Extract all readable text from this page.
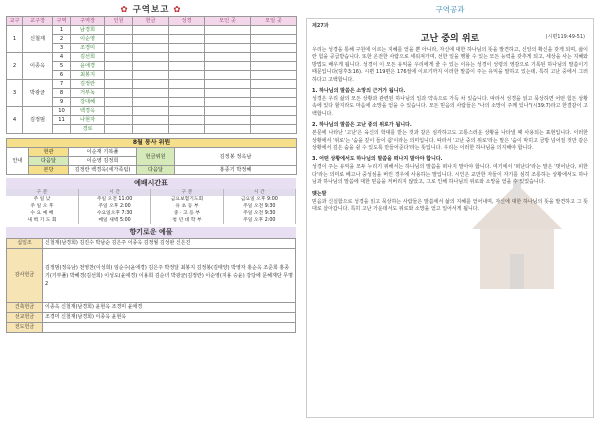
✿ 구역보고 ✿
교구	교구장	구역	구역장	인원	헌금	성경	모인 곳	모일 곳
1	신철재	1	남경희					
		2	이순영					
		3	조경미					
2	이종옥	4	김선희					
		5	윤애경					
		6	최봉지					
3	박광균	7	김정란					
		8	거부녹					
		9	강대혜					
4	김정범	10	백경옥					
		11	나현자					
			경로					
8월 봉사 위원				
안내	현관	이순재 기복풀	헌금위원	김정봉 정옥남
	다음달	이순영 김정희		
	본당	김정란 백경옥(세가족팀)	다음달	홍종기 박정혜
예배시간표
구 분	시 간	구 분	시 간
주 일 낮	주일 오전 11:00	금요보혈기도회	금요일 오후 9:00
주 일 오 후	주일 오후 2:00	유 초 등 부	주일 오전 9:30
수 요 예 배	수요일오후 7:30	중 · 고 등 부	주일 오전 9:30
새 벽 기 도 회	매일 새벽 5:00	청 년 대 학 부	주일 오후 2:00
향기로운 예물
십일조	신철재(남경희) 김진수 박남순 김은주 이종옥 김정월 김성완 신은진
감사헌금	김정범(정옥남) 천영찬(이성희) 임순수(윤애경) 김은주 박정달 최봉지 김정봉(김태양) 박영자 홍순옥 조준희 홍종기(기부풀) 박혜경(김선희) 이성도(윤애경) 이용희 김순녀 박광균(김정란) 이순영(지용 승윤) 강당에 문혜재단 무명2
건축헌금	이종옥 신철재(남경희) 윤현옥 조경미 윤애경
선교헌금	조경미 신철재(남경희) 이종옥 윤현옥
전도헌금	
구역공과
제27과
고난 중의 위로	(시편119:49-51)
우리는 성경을 통해 구원에 이르는 지혜를 얻을 뿐 아니라, 자신에 대한 하나님의 뜻을 발견하고, 신앙의 확신을 갖게 되며, 삶이란 힘을 공급받습니다. 또한 온전한 사람으로 세워져가며, 선한 일을 행할 수 있는 모든 능력을 갖추게 되고, 세상을 사는 지혜와 방법도 배우게 됩니다. 성경이 이 모든 유익을 우리에게 줄 수 있는 이유는 성경이 성령의 영감으로 기록된 하나님의 말씀이기 때문입니다(딤후3:16). 시편 119편은 176절에 이르기까지 이러한 말씀이 주는 유익을 말하고 있는데, 특히 고난 중에서 그러하다고 고백합니다.
1. 하나님의 말씀은 소망의 근거가 됩니다.
성경은 우리 삶의 모든 상황과 관련된 하나님의 일과 약속으로 가득 차 있습니다. 따라서 성경을 읽고 묵상하면 어떤 힘든 상황 속에 있다 할지라도 마음에 소망을 얻을 수 있습니다. 모든 믿음의 사람들은 "나의 소망이 주께 있나"(시39:7)라고 한결같이 고백합니다.
2. 하나님의 말씀은 고난 중의 위로가 됩니다.
본문에 나타난 '고난'은 육신의 학대를 받는 것과 같은 심각하고도 고통스러운 상황을 나타낼 때 사용되는 표현입니다. 이러한 상황에서 '위로'는 '숨을 깊이 들이 쉼'이라는 의미입니다. 따라서 '고난 중의 위로'라는 말은 '숨이 막히고 금방 넘어질 것만 같은 상황에서 깊은 숨을 쉴 수 있도록 만들어준다'라는 뜻입니다. 우리는 이러한 하나님을 의지해야 합니다.
3. 어떤 상황에서도 하나님의 말씀을 떠나지 말아야 합니다.
성경이 주는 유익을 모두 누리기 위해서는 하나님의 말씀을 떠나지 말아야 합니다. 여기에서 '떠난다'라는 말은 '벗어난다, 피한다'라는 의미로 베고나 중성심을 버린 경우에 사용하는 말입니다. 시인은 교만한 자들이 자기를 심히 조롱하는 상황에서도 하나님과 하나님의 말씀에 대한 믿음을 저버리지 않았고, 그로 인해 하나님의 위로와 소망을 얻을 수 있었습니다.
맺는말
믿음과 신실함으로 성경을 읽고 묵상하는 사람들은 말씀에서 삶의 지혜를 얻어내며, 자신에 대한 하나님의 뜻을 발견하고 그 뜻대로 살아갑니다. 특히 고난 가운데서도 위로와 소망을 얻고 일어서게 됩니다.
